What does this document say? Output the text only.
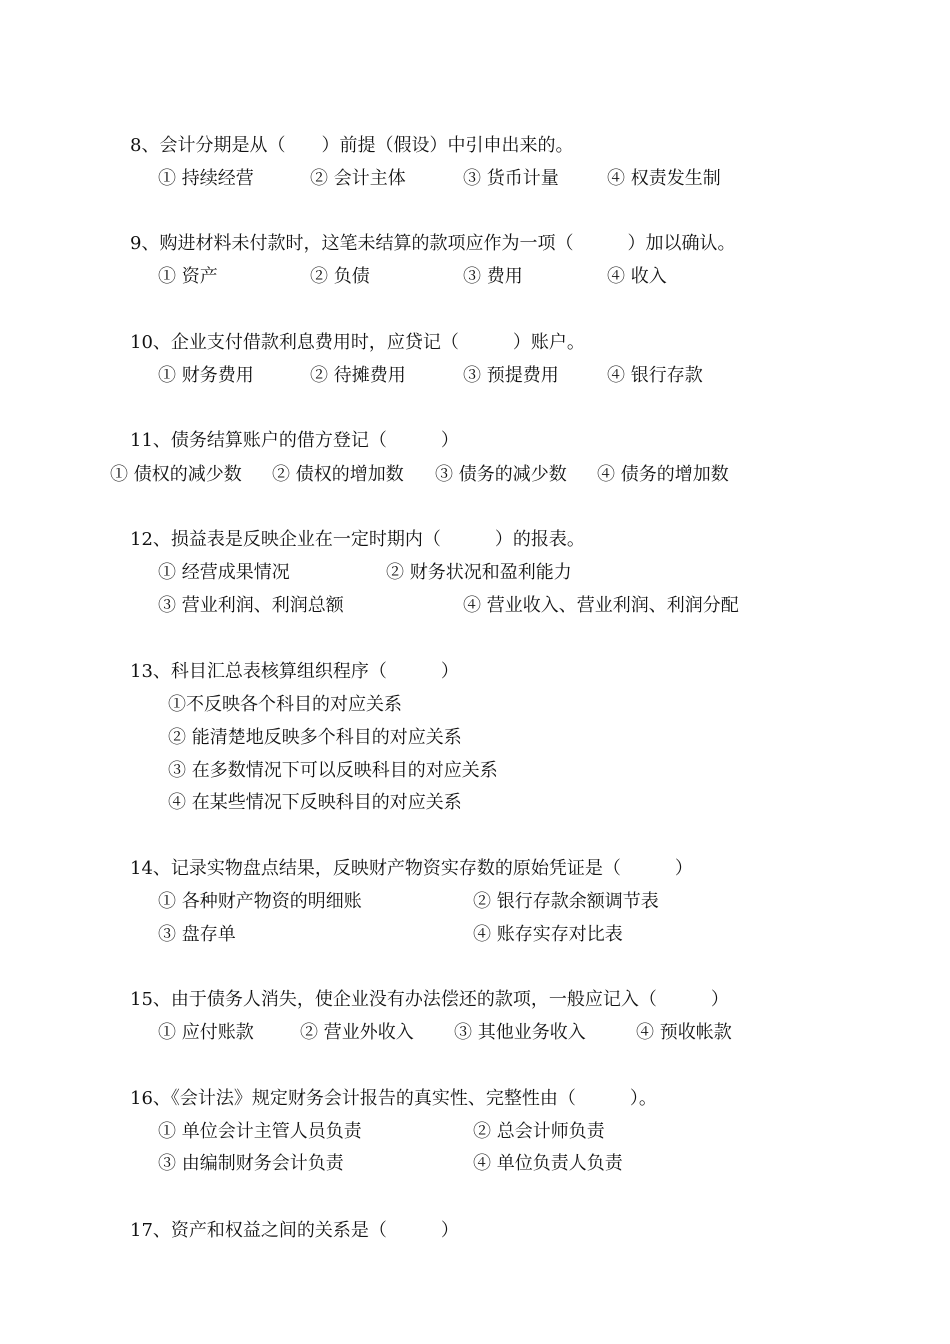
8、会计分期是从（　　）前提（假设）中引申出来的。
① 持续经营	② 会计主体	③ 货币计量	④ 权责发生制
9、购进材料未付款时，这笔未结算的款项应作为一项（　　　）加以确认。
① 资产	② 负债	③ 费用	④ 收入
10、企业支付借款利息费用时，应贷记（　　　）账户。
① 财务费用	② 待摊费用	③ 预提费用	④ 银行存款
11、债务结算账户的借方登记（　　　）
① 债权的减少数 ② 债权的增加数 ③ 债务的减少数 ④ 债务的增加数
12、损益表是反映企业在一定时期内（　　　）的报表。
① 经营成果情况	② 财务状况和盈利能力
③ 营业利润、利润总额	④ 营业收入、营业利润、利润分配
13、科目汇总表核算组织程序（　　　）
①不反映各个科目的对应关系
② 能清楚地反映多个科目的对应关系
③ 在多数情况下可以反映科目的对应关系
④ 在某些情况下反映科目的对应关系
14、记录实物盘点结果，反映财产物资实存数的原始凭证是（　　　）
① 各种财产物资的明细账	② 银行存款余额调节表
③ 盘存单	④ 账存实存对比表
15、由于债务人消失，使企业没有办法偿还的款项，一般应记入（　　　）
① 应付账款	② 营业外收入 ③ 其他业务收入	④ 预收帐款
16、《会计法》规定财务会计报告的真实性、完整性由（　　　）。
① 单位会计主管人员负责	② 总会计师负责
③ 由编制财务会计负责	④ 单位负责人负责
17、资产和权益之间的关系是（　　　）
